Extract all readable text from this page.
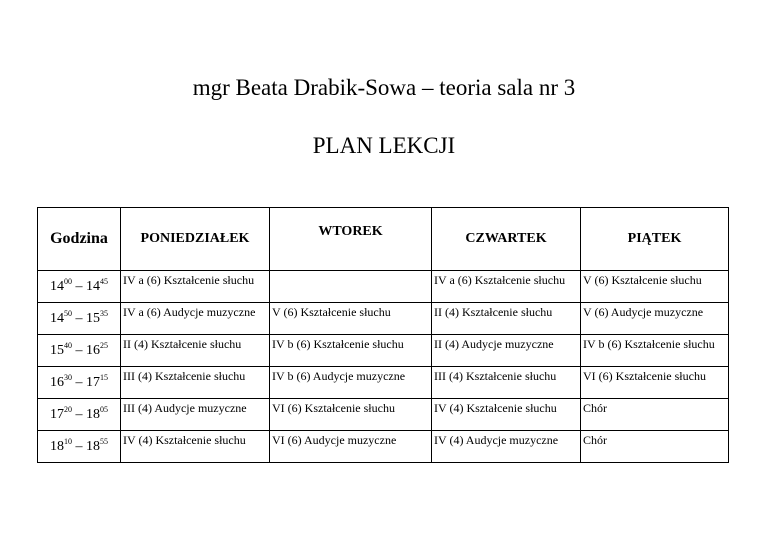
mgr Beata Drabik-Sowa – teoria sala nr 3
PLAN LEKCJI
Godzina	PONIEDZIAŁEK	WTOREK	CZWARTEK	PIĄTEK
$14^{00} - 14^{45}$	IV a (6) Kształcenie słuchu		IV a (6) Kształcenie słuchu	V (6) Kształcenie słuchu
$14^{50} - 15^{35}$	IV a (6) Audycje muzyczne	V (6) Kształcenie słuchu	II (4) Kształcenie słuchu	V (6) Audycje muzyczne
$15^{40} - 16^{25}$	II (4) Kształcenie słuchu	IV b (6) Kształcenie słuchu	II (4) Audycje muzyczne	IV b (6) Kształcenie słuchu
$16^{30} - 17^{15}$	III (4) Kształcenie słuchu	IV b (6) Audycje muzyczne	III (4) Kształcenie słuchu	VI (6) Kształcenie słuchu
$17^{20} - 18^{05}$	III (4) Audycje muzyczne	VI (6) Kształcenie słuchu	IV (4) Kształcenie słuchu	Chór
$18^{10} - 18^{55}$	IV (4) Kształcenie słuchu	VI (6) Audycje muzyczne	IV (4) Audycje muzyczne	Chór
